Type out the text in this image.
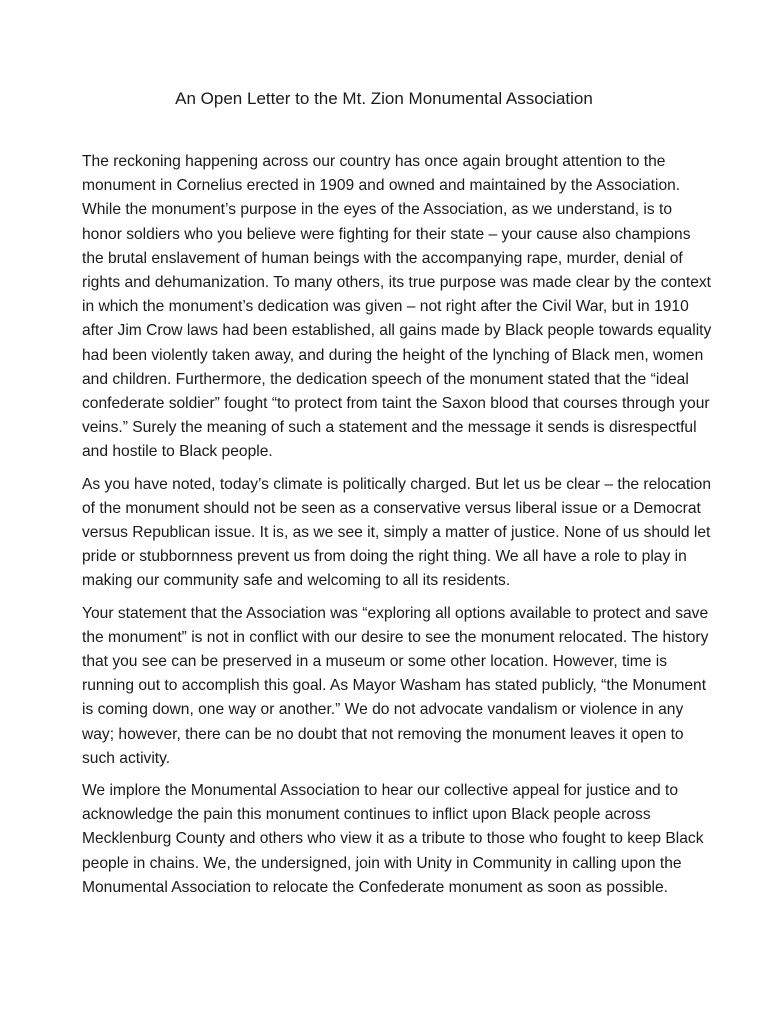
An Open Letter to the Mt. Zion Monumental Association

The reckoning happening across our country has once again brought attention to the monument in Cornelius erected in 1909 and owned and maintained by the Association. While the monument’s purpose in the eyes of the Association, as we understand, is to honor soldiers who you believe were fighting for their state – your cause also champions the brutal enslavement of human beings with the accompanying rape, murder, denial of rights and dehumanization. To many others, its true purpose was made clear by the context in which the monument’s dedication was given – not right after the Civil War, but in 1910 after Jim Crow laws had been established, all gains made by Black people towards equality had been violently taken away, and during the height of the lynching of Black men, women and children. Furthermore, the dedication speech of the monument stated that the “ideal confederate soldier” fought “to protect from taint the Saxon blood that courses through your veins.” Surely the meaning of such a statement and the message it sends is disrespectful and hostile to Black people.

As you have noted, today’s climate is politically charged. But let us be clear – the relocation of the monument should not be seen as a conservative versus liberal issue or a Democrat versus Republican issue. It is, as we see it, simply a matter of justice. None of us should let pride or stubbornness prevent us from doing the right thing. We all have a role to play in making our community safe and welcoming to all its residents.

Your statement that the Association was “exploring all options available to protect and save the monument” is not in conflict with our desire to see the monument relocated. The history that you see can be preserved in a museum or some other location. However, time is running out to accomplish this goal. As Mayor Washam has stated publicly, “the Monument is coming down, one way or another.” We do not advocate vandalism or violence in any way; however, there can be no doubt that not removing the monument leaves it open to such activity.

We implore the Monumental Association to hear our collective appeal for justice and to acknowledge the pain this monument continues to inflict upon Black people across Mecklenburg County and others who view it as a tribute to those who fought to keep Black people in chains. We, the undersigned, join with Unity in Community in calling upon the Monumental Association to relocate the Confederate monument as soon as possible.
